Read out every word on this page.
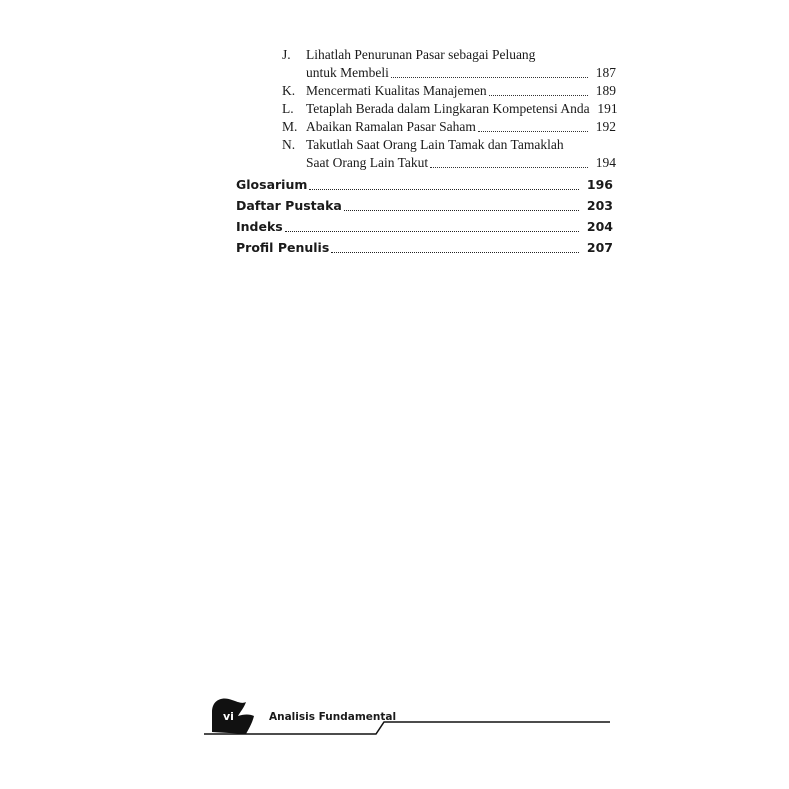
J.	Lihatlah Penurunan Pasar sebagai Peluang
untuk Membeli	187
K. Mencermati Kualitas Manajemen	189
L. Tetaplah Berada dalam Lingkaran Kompetensi Anda 191
M. Abaikan Ramalan Pasar Saham	192
N. Takutlah Saat Orang Lain Tamak dan Tamaklah
Saat Orang Lain Takut	194
Glosarium	196
Daftar Pustaka	203
Indeks	204
Profil Penulis	207
vi	Analisis Fundamental
